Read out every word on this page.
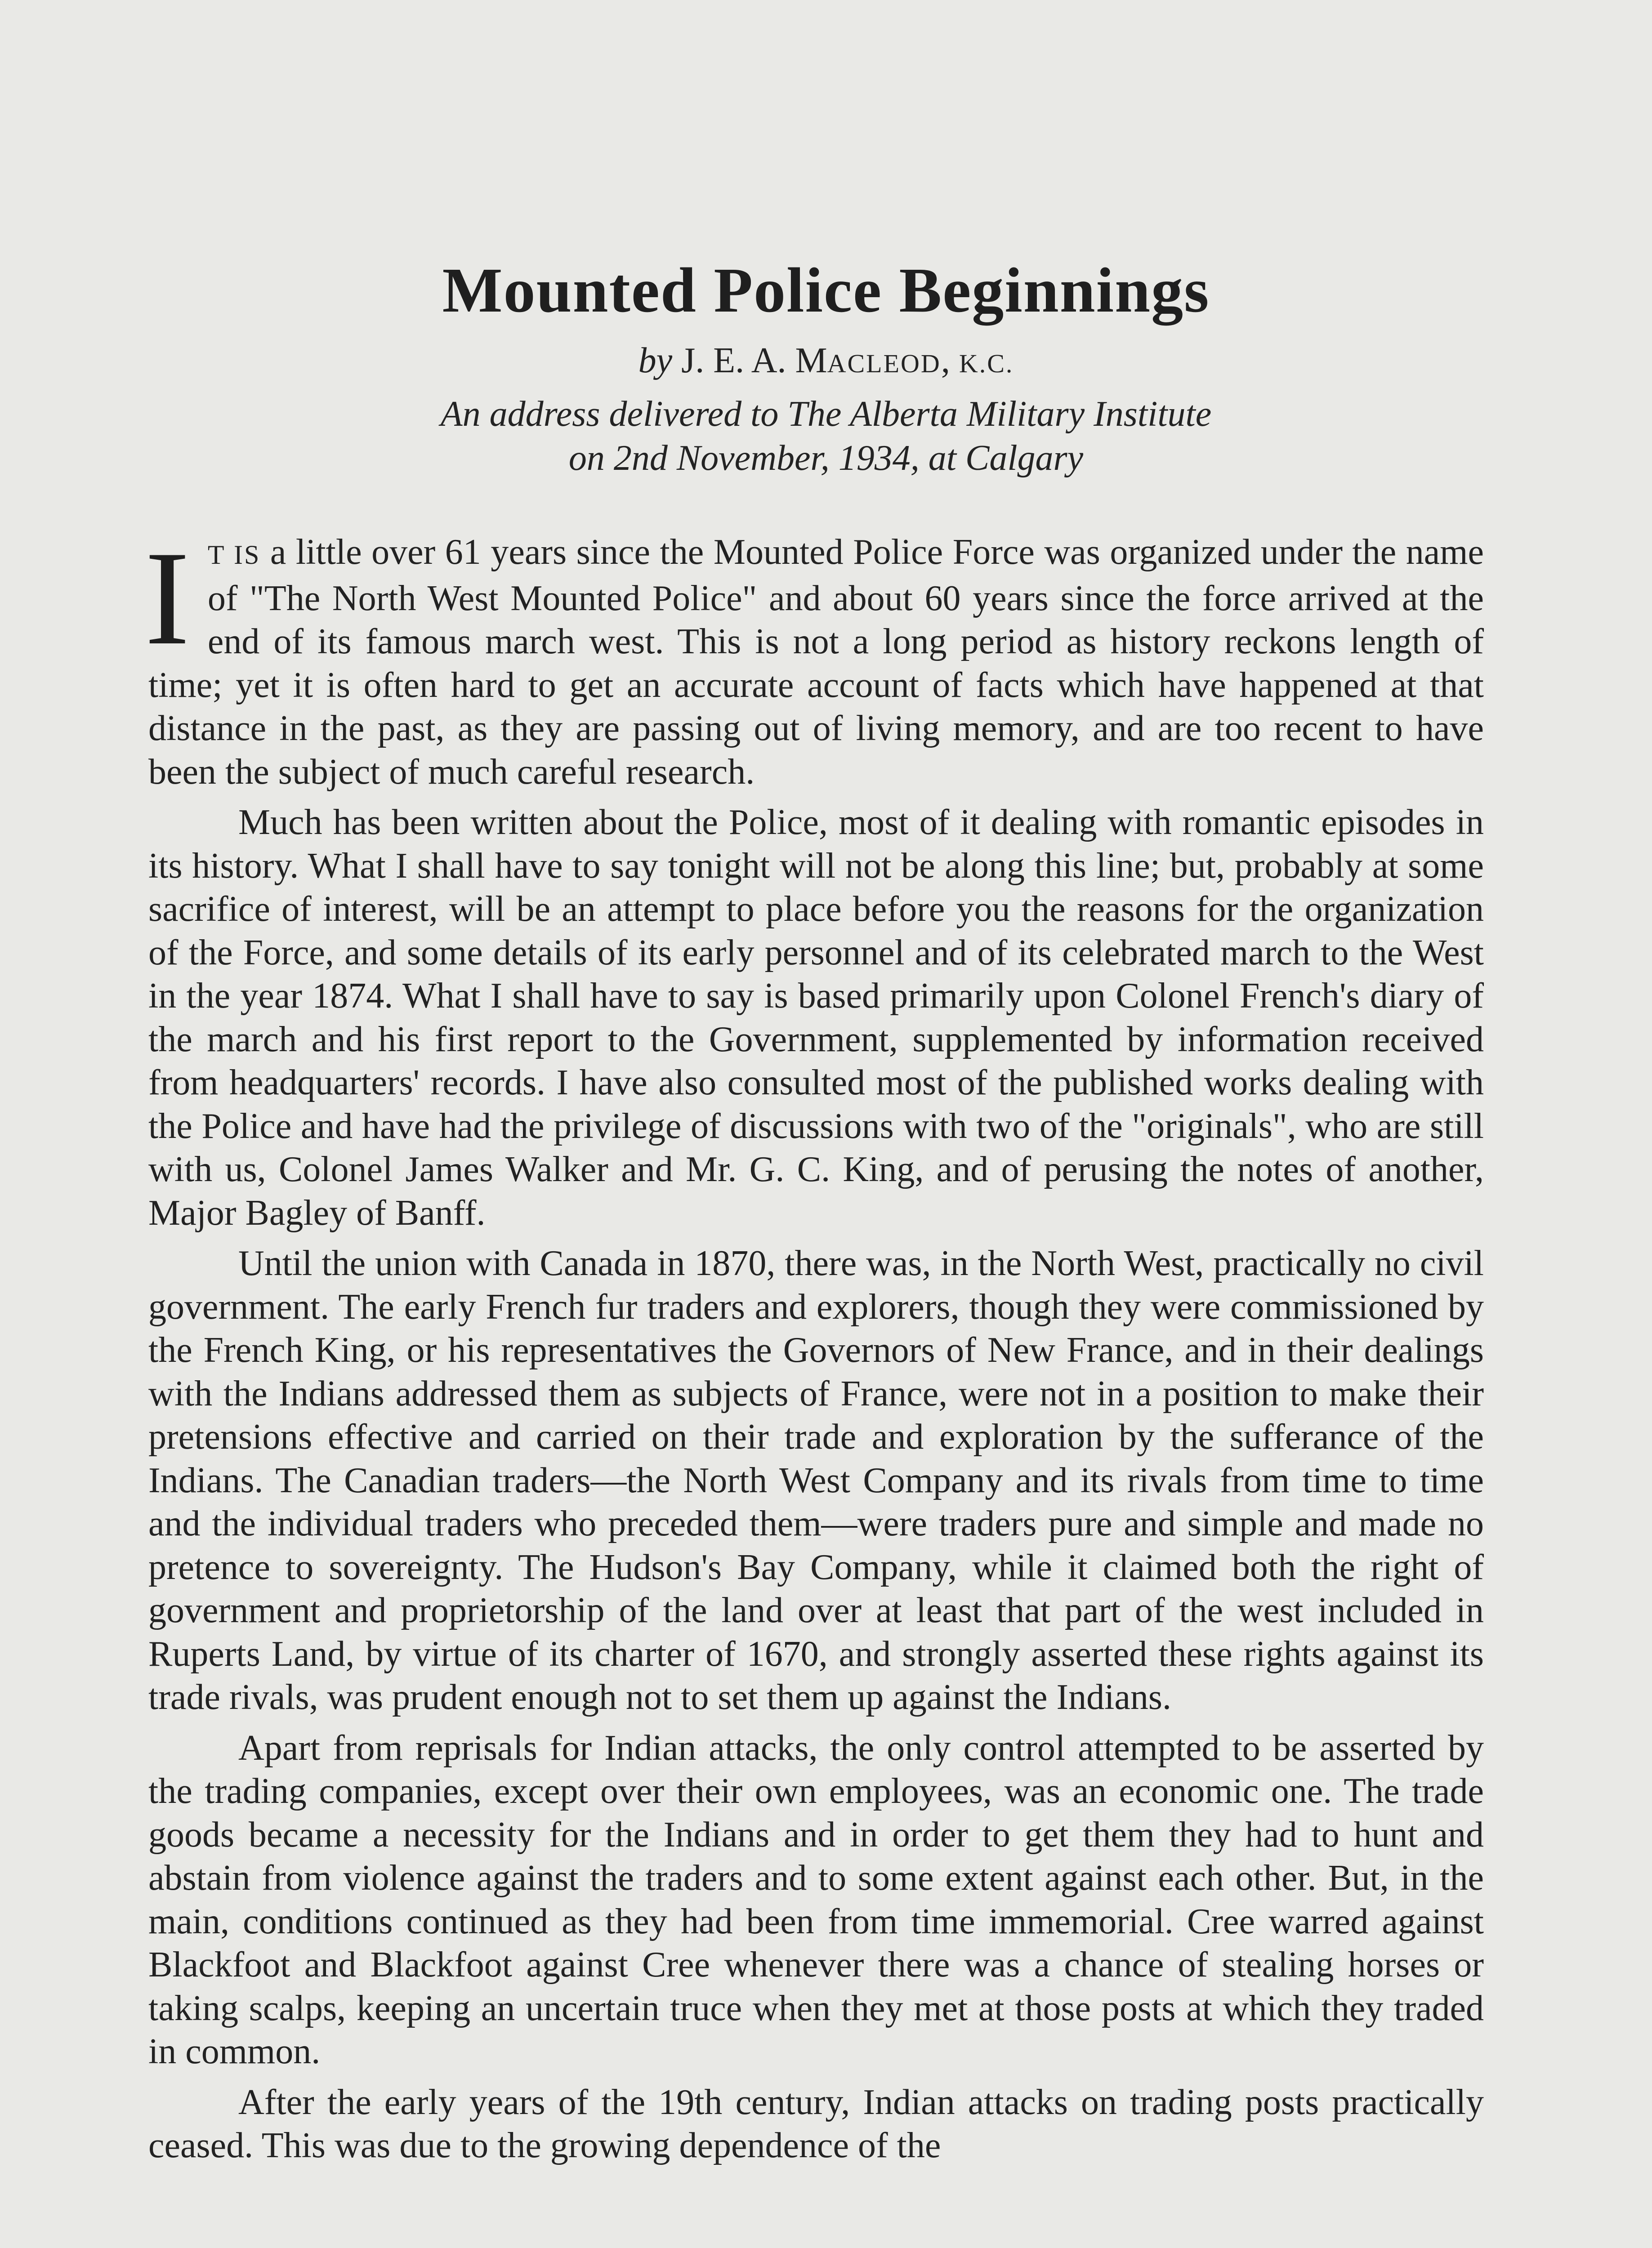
Mounted Police Beginnings
by J. E. A. MACLEOD, K.C.
An address delivered to The Alberta Military Institute
on 2nd November, 1934, at Calgary

I T IS a little over 61 years since the Mounted Police Force was organized under the name of "The North West Mounted Police" and about 60 years since the force arrived at the end of its famous march west. This is not a long period as history reckons length of time; yet it is often hard to get an accurate account of facts which have happened at that distance in the past, as they are passing out of living memory, and are too recent to have been the subject of much careful research.

Much has been written about the Police, most of it dealing with romantic episodes in its history. What I shall have to say tonight will not be along this line; but, probably at some sacrifice of interest, will be an attempt to place before you the reasons for the organization of the Force, and some details of its early personnel and of its celebrated march to the West in the year 1874. What I shall have to say is based primarily upon Colonel French's diary of the march and his first report to the Government, supplemented by information received from headquarters' records. I have also consulted most of the published works dealing with the Police and have had the privilege of discussions with two of the "originals", who are still with us, Colonel James Walker and Mr. G. C. King, and of perusing the notes of another, Major Bagley of Banff.

Until the union with Canada in 1870, there was, in the North West, practically no civil government. The early French fur traders and explorers, though they were commissioned by the French King, or his representatives the Governors of New France, and in their dealings with the Indians addressed them as subjects of France, were not in a position to make their pretensions effective and carried on their trade and exploration by the sufferance of the Indians. The Canadian traders—the North West Company and its rivals from time to time and the individual traders who preceded them—were traders pure and simple and made no pretence to sovereignty. The Hudson's Bay Company, while it claimed both the right of government and proprietorship of the land over at least that part of the west included in Ruperts Land, by virtue of its charter of 1670, and strongly asserted these rights against its trade rivals, was prudent enough not to set them up against the Indians.

Apart from reprisals for Indian attacks, the only control attempted to be asserted by the trading companies, except over their own employees, was an economic one. The trade goods became a necessity for the Indians and in order to get them they had to hunt and abstain from violence against the traders and to some extent against each other. But, in the main, conditions continued as they had been from time immemorial. Cree warred against Blackfoot and Blackfoot against Cree whenever there was a chance of stealing horses or taking scalps, keeping an uncertain truce when they met at those posts at which they traded in common.

After the early years of the 19th century, Indian attacks on trading posts practically ceased. This was due to the growing dependence of the
